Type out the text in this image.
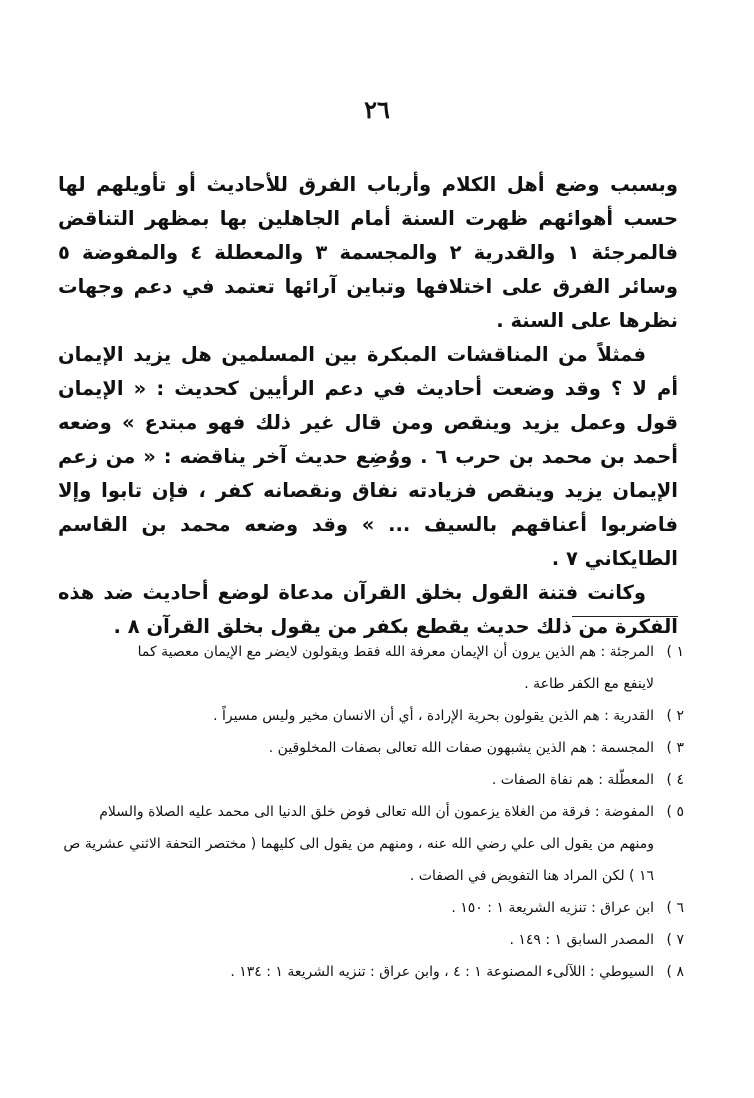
٢٦

وبسبب وضع أهل الكلام وأرباب الفرق للأحاديث أو تأويلهم لها حسب أهوائهم ظهرت السنة أمام الجاهلين بها بمظهر التناقض فالمرجئة ١ والقدرية ٢ والمجسمة ٣ والمعطلة ٤ والمفوضة ٥ وسائر الفرق على اختلافها وتباين آرائها تعتمد في دعم وجهات نظرها على السنة .

فمثلاً من المناقشات المبكرة بين المسلمين هل يزيد الإيمان أم لا ؟ وقد وضعت أحاديث في دعم الرأيين كحديث : « الإيمان قول وعمل يزيد وينقص ومن قال غير ذلك فهو مبتدع » وضعه أحمد بن محمد بن حرب ٦ . ووُضِع حديث آخر يناقضه : « من زعم الإيمان يزيد وينقص فزيادته نفاق ونقصانه كفر ، فإن تابوا وإلا فاضربوا أعناقهم بالسيف ... » وقد وضعه محمد بن القاسم الطايكاني ٧ .

وكانت فتنة القول بخلق القرآن مدعاة لوضع أحاديث ضد هذه الفكرة من ذلك حديث يقطع بكفر من يقول بخلق القرآن ٨ .

١ )
المرجئة : هم الذين يرون أن الإيمان معرفة الله فقط ويقولون لايضر مع الإيمان معصية كما
لاينفع مع الكفر طاعة .
٢ )
القدرية : هم الذين يقولون بحرية الإرادة ، أي أن الانسان مخير وليس مسيراً .
٣ )
المجسمة : هم الذين يشبهون صفات الله تعالى بصفات المخلوقين .
٤ )
المعطّلة : هم نفاة الصفات .
٥ )
المفوضة : فرقة من الغلاة يزعمون أن الله تعالى فوض خلق الدنيا الى محمد عليه الصلاة والسلام
ومنهم من يقول الى علي رضي الله عنه ، ومنهم من يقول الى كليهما ( مختصر التحفة الاثني عشرية ص ١٦ ) لكن المراد هنا التفويض في الصفات .
٦ )
ابن عراق : تنزيه الشريعة ١ : ١٥٠ .
٧ )
المصدر السابق ١ : ١٤٩ .
٨ )
السيوطي : اللآلىء المصنوعة ١ : ٤ ، وابن عراق : تنزيه الشريعة ١ : ١٣٤ .
